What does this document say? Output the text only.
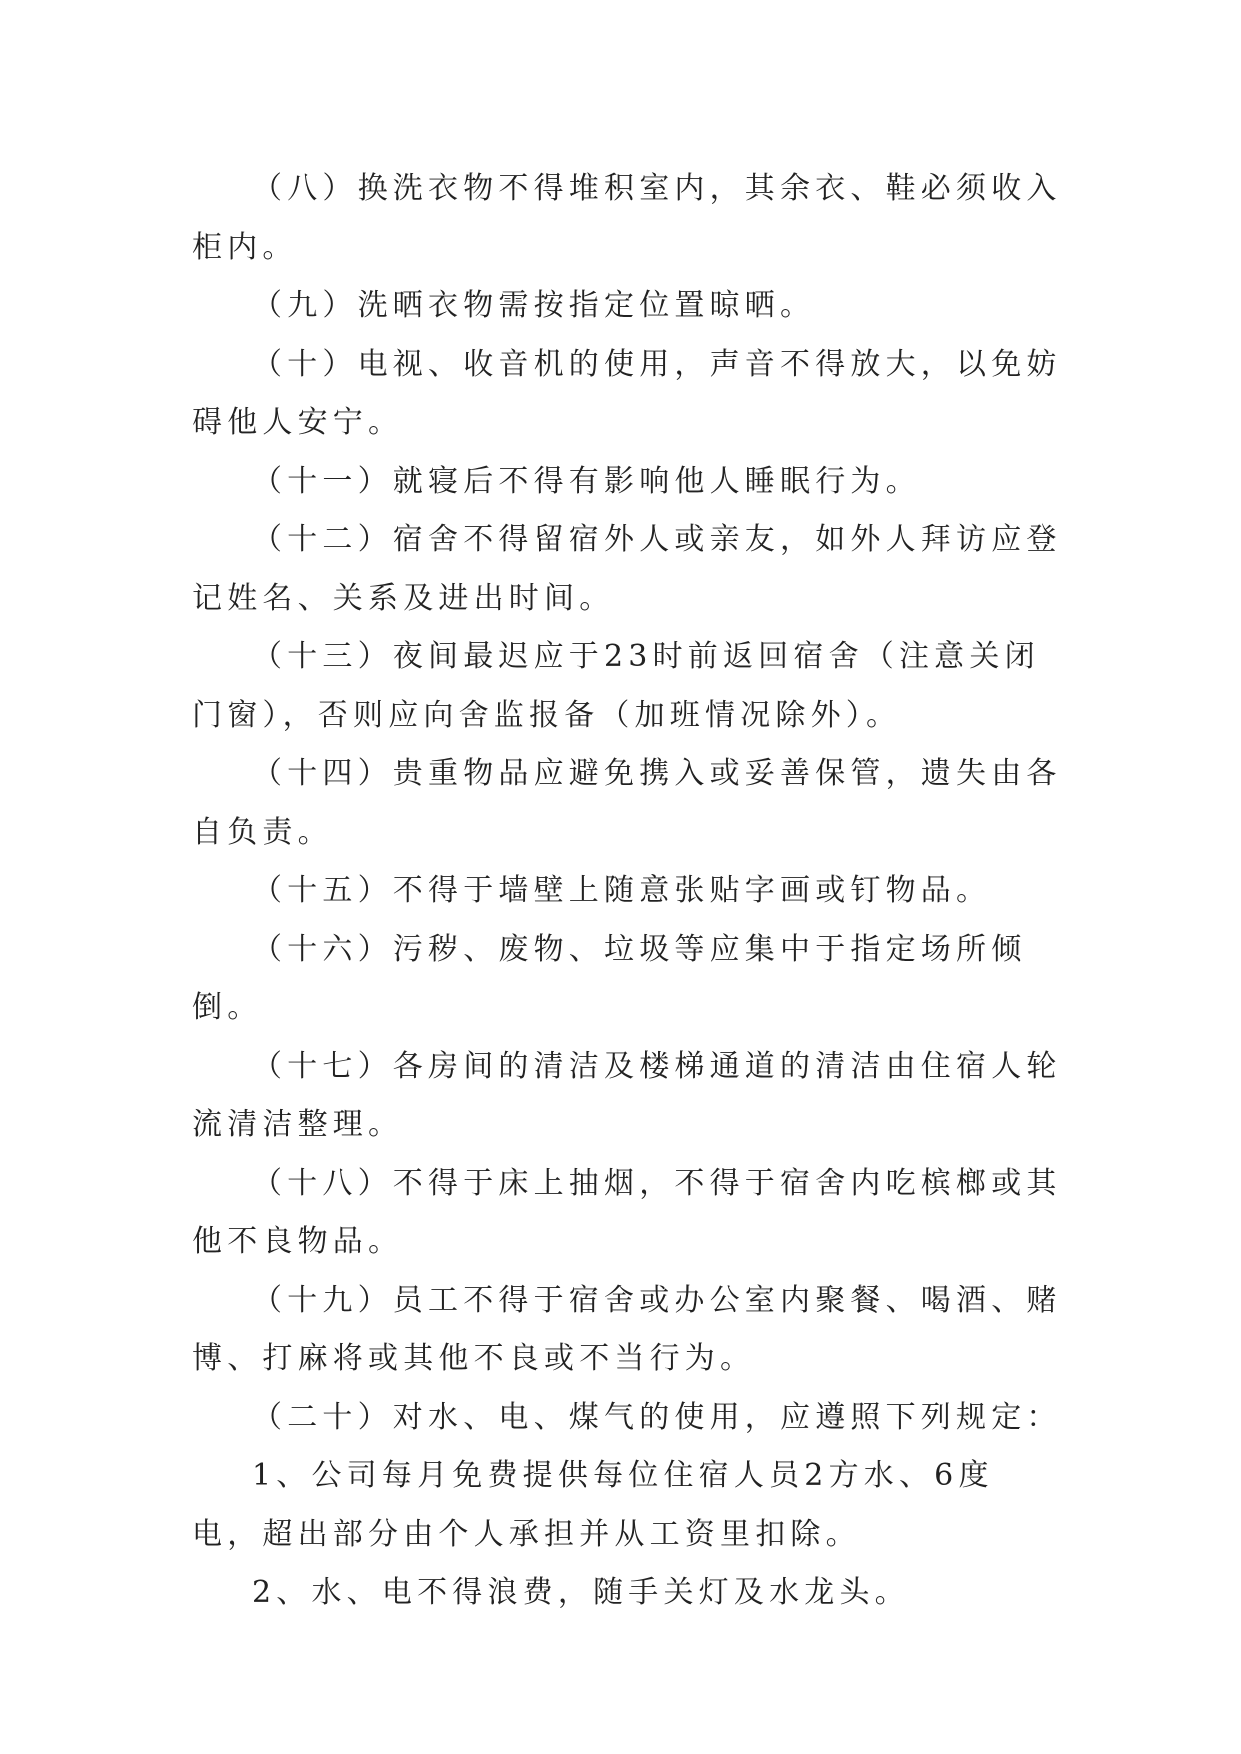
（八）换洗衣物不得堆积室内，其余衣、鞋必须收入柜内。

（九）洗晒衣物需按指定位置晾晒。

（十）电视、收音机的使用，声音不得放大，以免妨碍他人安宁。

（十一）就寝后不得有影响他人睡眠行为。

（十二）宿舍不得留宿外人或亲友，如外人拜访应登记姓名、关系及进出时间。

（十三）夜间最迟应于23时前返回宿舍（注意关闭门窗），否则应向舍监报备（加班情况除外）。

（十四）贵重物品应避免携入或妥善保管，遗失由各自负责。

（十五）不得于墙壁上随意张贴字画或钉物品。

（十六）污秽、废物、垃圾等应集中于指定场所倾倒。

（十七）各房间的清洁及楼梯通道的清洁由住宿人轮流清洁整理。

（十八）不得于床上抽烟，不得于宿舍内吃槟榔或其他不良物品。

（十九）员工不得于宿舍或办公室内聚餐、喝酒、赌博、打麻将或其他不良或不当行为。

（二十）对水、电、煤气的使用，应遵照下列规定：

1、公司每月免费提供每位住宿人员2方水、6度电，超出部分由个人承担并从工资里扣除。

2、水、电不得浪费，随手关灯及水龙头。
